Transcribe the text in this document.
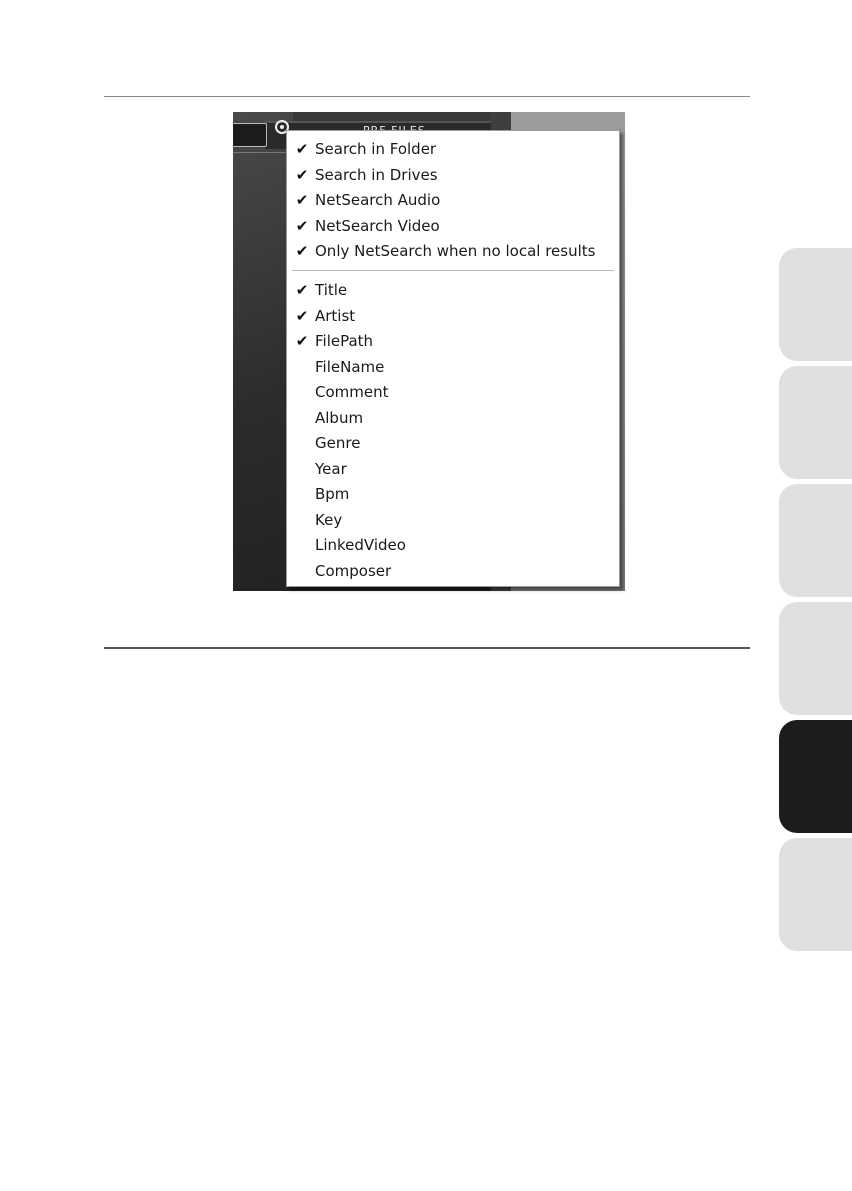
✔ Search in Folder
✔ Search in Drives
✔ NetSearch Audio
✔ NetSearch Video
✔ Only NetSearch when no local results
✔ Title
✔ Artist
✔ FilePath
FileName
Comment
Album
Genre
Year
Bpm
Key
LinkedVideo
Composer
